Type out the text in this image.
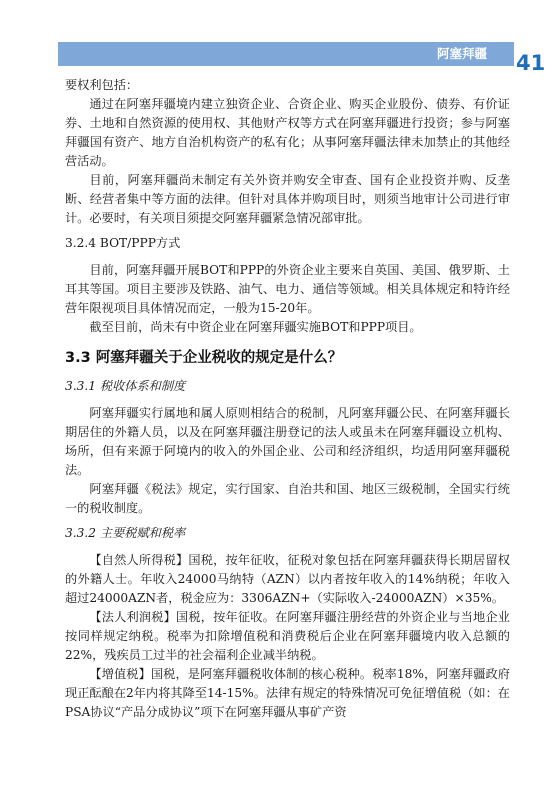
阿塞拜疆	41

要权利包括：

通过在阿塞拜疆境内建立独资企业、合资企业、购买企业股份、债券、有价证券、土地和自然资源的使用权、其他财产权等方式在阿塞拜疆进行投资；参与阿塞拜疆国有资产、地方自治机构资产的私有化；从事阿塞拜疆法律未加禁止的其他经营活动。

目前，阿塞拜疆尚未制定有关外资并购安全审查、国有企业投资并购、反垄断、经营者集中等方面的法律。但针对具体并购项目时，则须当地审计公司进行审计。必要时，有关项目须提交阿塞拜疆紧急情况部审批。

3.2.4 BOT/PPP方式

目前，阿塞拜疆开展BOT和PPP的外资企业主要来自英国、美国、俄罗斯、土耳其等国。项目主要涉及铁路、油气、电力、通信等领域。相关具体规定和特许经营年限视项目具体情况而定，一般为15-20年。

截至目前，尚未有中资企业在阿塞拜疆实施BOT和PPP项目。

3.3 阿塞拜疆关于企业税收的规定是什么？
3.3.1 税收体系和制度

阿塞拜疆实行属地和属人原则相结合的税制，凡阿塞拜疆公民、在阿塞拜疆长期居住的外籍人员，以及在阿塞拜疆注册登记的法人或虽未在阿塞拜疆设立机构、场所，但有来源于阿境内的收入的外国企业、公司和经济组织，均适用阿塞拜疆税法。

阿塞拜疆《税法》规定，实行国家、自治共和国、地区三级税制，全国实行统一的税收制度。

3.3.2 主要税赋和税率

【自然人所得税】国税，按年征收，征税对象包括在阿塞拜疆获得长期居留权的外籍人士。年收入24000马纳特（AZN）以内者按年收入的14%纳税；年收入超过24000AZN者，税金应为：3306AZN+（实际收入-24000AZN）×35%。

【法人利润税】国税，按年征收。在阿塞拜疆注册经营的外资企业与当地企业按同样规定纳税。税率为扣除增值税和消费税后企业在阿塞拜疆境内收入总额的22%，残疾员工过半的社会福利企业减半纳税。

【增值税】国税，是阿塞拜疆税收体制的核心税种。税率18%，阿塞拜疆政府现正酝酿在2年内将其降至14-15%。法律有规定的特殊情况可免征增值税（如：在PSA协议“产品分成协议”项下在阿塞拜疆从事矿产资
